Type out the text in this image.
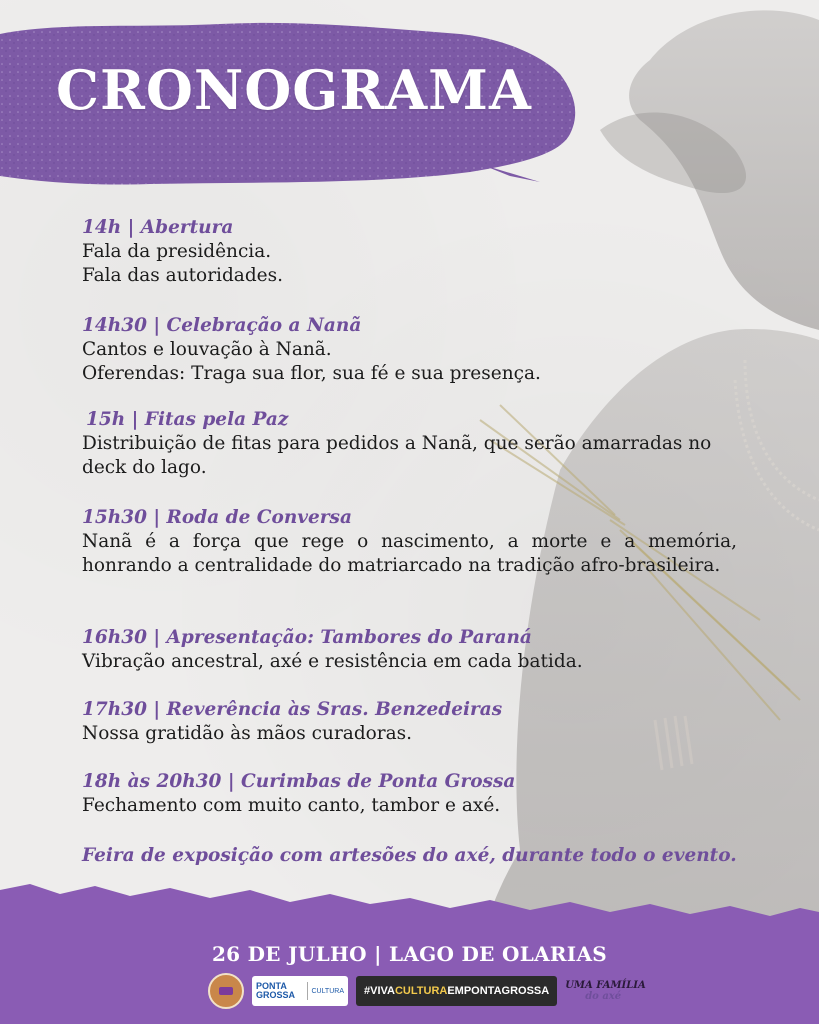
CRONOGRAMA
14h | Abertura
Fala da presidência.
Fala das autoridades.
14h30 | Celebração a Nanã
Cantos e louvação à Nanã.
Oferendas: Traga sua flor, sua fé e sua presença.
15h | Fitas pela Paz
Distribuição de fitas para pedidos a Nanã, que serão amarradas no deck do lago.
15h30 | Roda de Conversa
Nanã é a força que rege o nascimento, a morte e a memória, honrando a centralidade do matriarcado na tradição afro-brasileira.
16h30 | Apresentação: Tambores do Paraná
Vibração ancestral, axé e resistência em cada batida.
17h30 | Reverência às Sras. Benzedeiras
Nossa gratidão às mãos curadoras.
18h às 20h30 | Curimbas de Ponta Grossa
Fechamento com muito canto, tambor e axé.
Feira de exposição com artesões do axé, durante todo o evento.
26 DE JULHO | LAGO DE OLARIAS
PONTA GROSSA	CULTURA #VIVA CULTURA EMPONTAGROSSA UMA FAMÍLIA
do axé
